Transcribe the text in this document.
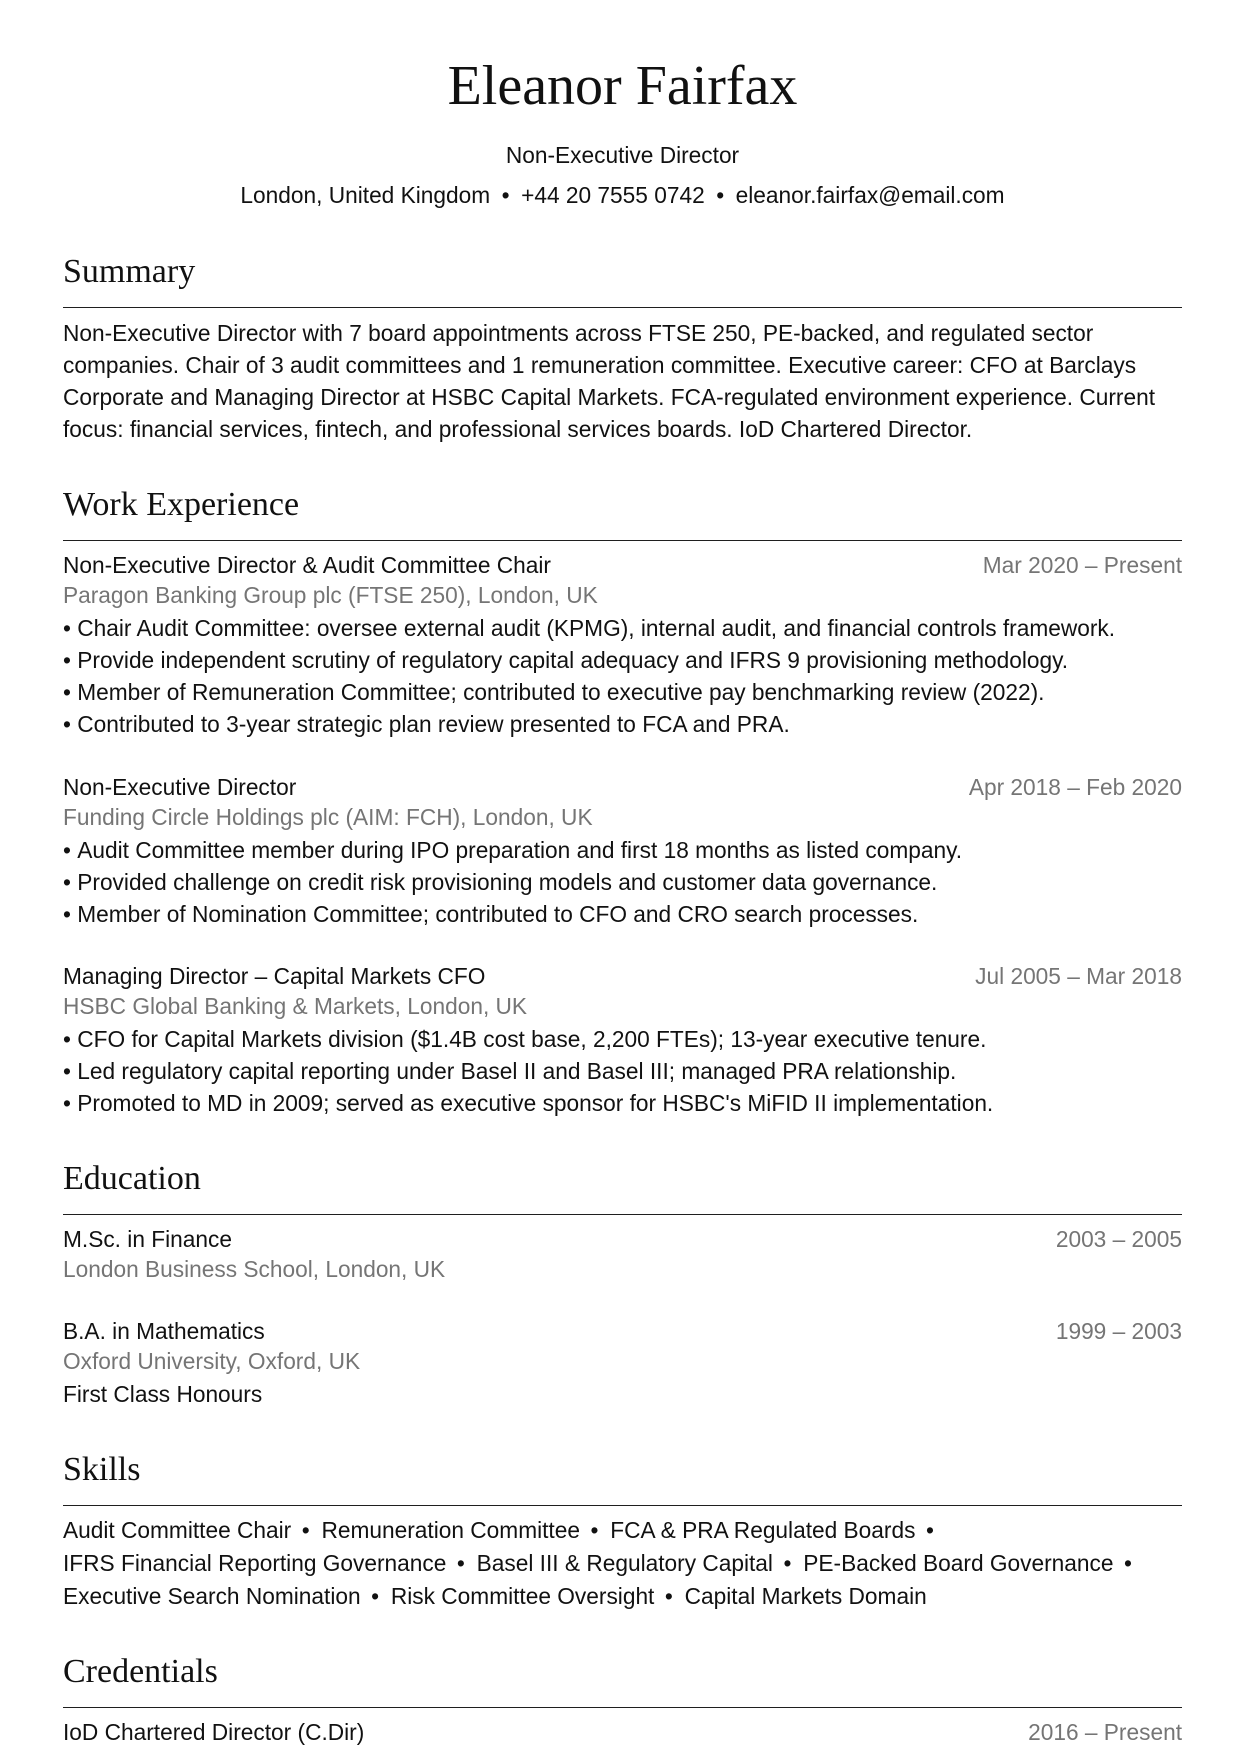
Eleanor Fairfax
Non-Executive Director
London, United Kingdom • +44 20 7555 0742 • eleanor.fairfax@email.com
Summary

Non-Executive Director with 7 board appointments across FTSE 250, PE-backed, and regulated sector companies. Chair of 3 audit committees and 1 remuneration committee. Executive career: CFO at Barclays Corporate and Managing Director at HSBC Capital Markets. FCA-regulated environment experience. Current focus: financial services, fintech, and professional services boards. IoD Chartered Director.

Work Experience
Non-Executive Director & Audit Committee Chair	Mar 2020 – Present
Paragon Banking Group plc (FTSE 250), London, UK
• Chair Audit Committee: oversee external audit (KPMG), internal audit, and financial controls framework.
• Provide independent scrutiny of regulatory capital adequacy and IFRS 9 provisioning methodology.
• Member of Remuneration Committee; contributed to executive pay benchmarking review (2022).
• Contributed to 3-year strategic plan review presented to FCA and PRA.
Non-Executive Director	Apr 2018 – Feb 2020
Funding Circle Holdings plc (AIM: FCH), London, UK
• Audit Committee member during IPO preparation and first 18 months as listed company.
• Provided challenge on credit risk provisioning models and customer data governance.
• Member of Nomination Committee; contributed to CFO and CRO search processes.
Managing Director – Capital Markets CFO	Jul 2005 – Mar 2018
HSBC Global Banking & Markets, London, UK
• CFO for Capital Markets division ($1.4B cost base, 2,200 FTEs); 13-year executive tenure.
• Led regulatory capital reporting under Basel II and Basel III; managed PRA relationship.
• Promoted to MD in 2009; served as executive sponsor for HSBC's MiFID II implementation.
Education
M.Sc. in Finance	2003 – 2005
London Business School, London, UK
B.A. in Mathematics	1999 – 2003
Oxford University, Oxford, UK
First Class Honours
Skills
Audit Committee Chair • Remuneration Committee • FCA & PRA Regulated Boards • IFRS Financial Reporting Governance • Basel III & Regulatory Capital • PE-Backed Board Governance • Executive Search Nomination • Risk Committee Oversight • Capital Markets Domain
Credentials
IoD Chartered Director (C.Dir)	2016 – Present
